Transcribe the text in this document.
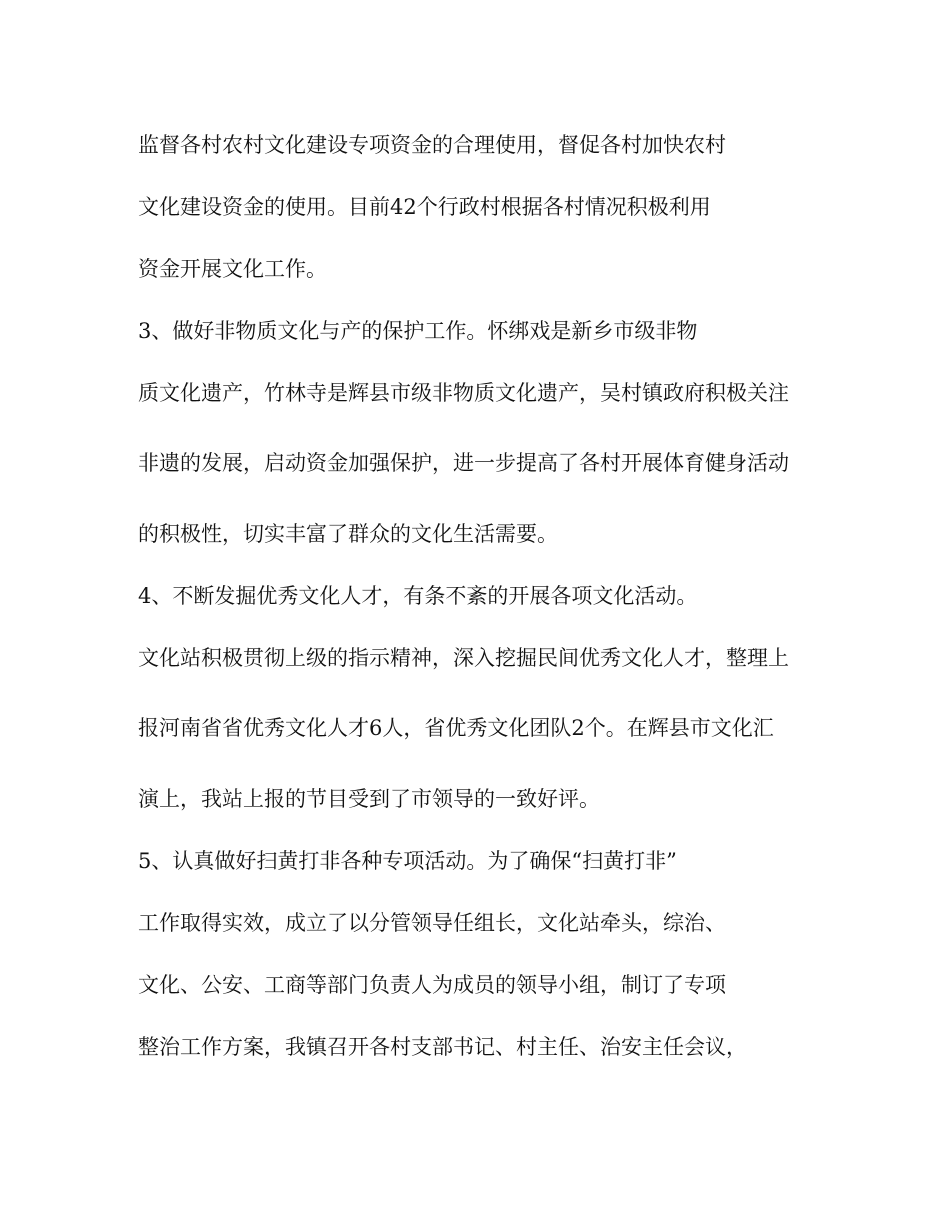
监督各村农村文化建设专项资金的合理使用，督促各村加快农村
文化建设资金的使用。目前42个行政村根据各村情况积极利用
资金开展文化工作。
3、做好非物质文化与产的保护工作。怀绑戏是新乡市级非物
质文化遗产，竹林寺是辉县市级非物质文化遗产，吴村镇政府积极关注
非遗的发展，启动资金加强保护，进一步提高了各村开展体育健身活动
的积极性，切实丰富了群众的文化生活需要。
4、不断发掘优秀文化人才，有条不紊的开展各项文化活动。
文化站积极贯彻上级的指示精神，深入挖掘民间优秀文化人才，整理上
报河南省省优秀文化人才6人，省优秀文化团队2个。在辉县市文化汇
演上，我站上报的节目受到了市领导的一致好评。
5、认真做好扫黄打非各种专项活动。为了确保“扫黄打非”
工作取得实效，成立了以分管领导任组长，文化站牵头，综治、
文化、公安、工商等部门负责人为成员的领导小组，制订了专项
整治工作方案，我镇召开各村支部书记、村主任、治安主任会议，
